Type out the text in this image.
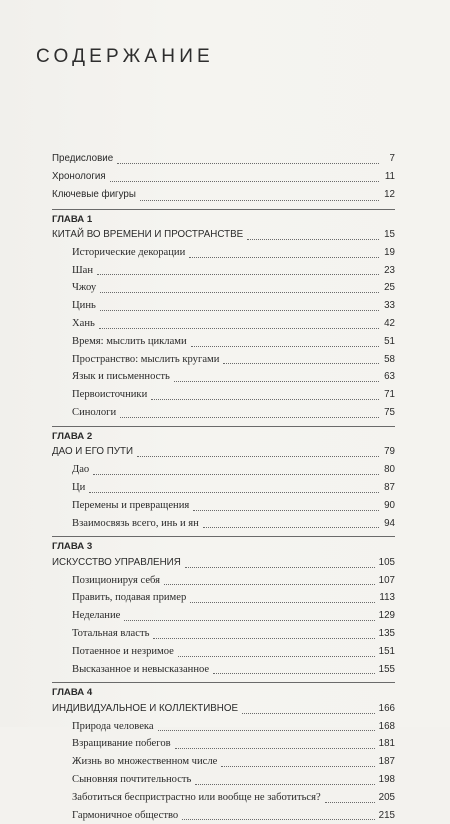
СОДЕРЖАНИЕ
Предисловие	7
Хронология	11
Ключевые фигуры	12
ГЛАВА 1
КИТАЙ ВО ВРЕМЕНИ И ПРОСТРАНСТВЕ	15
Исторические декорации	19
Шан	23
Чжоу	25
Цинь	33
Хань	42
Время: мыслить циклами	51
Пространство: мыслить кругами	58
Язык и письменность	63
Первоисточники	71
Синологи	75
ГЛАВА 2
ДАО И ЕГО ПУТИ	79
Дао	80
Ци	87
Перемены и превращения	90
Взаимосвязь всего, инь и ян	94
ГЛАВА 3
ИСКУССТВО УПРАВЛЕНИЯ	105
Позиционируя себя	107
Править, подавая пример	113
Неделание	129
Тотальная власть	135
Потаенное и незримое	151
Высказанное и невысказанное	155
ГЛАВА 4
ИНДИВИДУАЛЬНОЕ И КОЛЛЕКТИВНОЕ	166
Природа человека	168
Взращивание побегов	181
Жизнь во множественном числе	187
Сыновняя почтительность	198
Заботиться беспристрастно или вообще не заботиться?	205
Гармоничное общество	215
